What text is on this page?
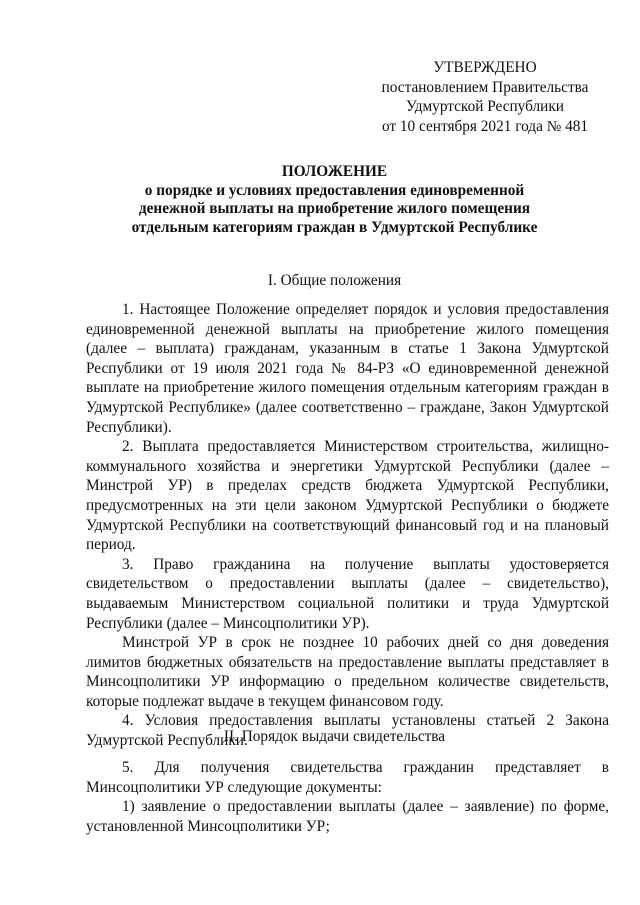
УТВЕРЖДЕНО
постановлением Правительства
Удмуртской Республики
от 10 сентября 2021 года № 481
ПОЛОЖЕНИЕ
о порядке и условиях предоставления единовременной
денежной выплаты на приобретение жилого помещения
отдельным категориям граждан в Удмуртской Республике
I. Общие положения

1. Настоящее Положение определяет порядок и условия предоставления единовременной денежной выплаты на приобретение жилого помещения (далее – выплата) гражданам, указанным в статье 1 Закона Удмуртской Республики от 19 июля 2021 года № 84-РЗ «О единовременной денежной выплате на приобретение жилого помещения отдельным категориям граждан в Удмуртской Республике» (далее соответственно – граждане, Закон Удмуртской Республики).

2. Выплата предоставляется Министерством строительства, жилищно-коммунального хозяйства и энергетики Удмуртской Республики (далее – Минстрой УР) в пределах средств бюджета Удмуртской Республики, предусмотренных на эти цели законом Удмуртской Республики о бюджете Удмуртской Республики на соответствующий финансовый год и на плановый период.

3. Право гражданина на получение выплаты удостоверяется свидетельством о предоставлении выплаты (далее – свидетельство), выдаваемым Министерством социальной политики и труда Удмуртской Республики (далее – Минсоцполитики УР).

Минстрой УР в срок не позднее 10 рабочих дней со дня доведения лимитов бюджетных обязательств на предоставление выплаты представляет в Минсоцполитики УР информацию о предельном количестве свидетельств, которые подлежат выдаче в текущем финансовом году.

4. Условия предоставления выплаты установлены статьей 2 Закона Удмуртской Республики.

II. Порядок выдачи свидетельства

5. Для получения свидетельства гражданин представляет в Минсоцполитики УР следующие документы:

1) заявление о предоставлении выплаты (далее – заявление) по форме, установленной Минсоцполитики УР;
